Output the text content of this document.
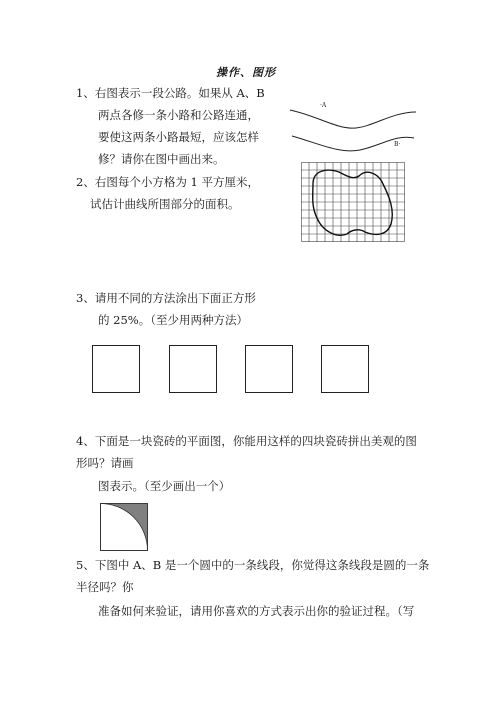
操作、图形
1、右图表示一段公路。如果从 A、B
两点各修一条小路和公路连通，
要使这两条小路最短，应该怎样
修？请你在图中画出来。
·A
B·
2、右图每个小方格为 1 平方厘米，
试估计曲线所围部分的面积。
3、请用不同的方法涂出下面正方形
的 25%。（至少用两种方法）
4、下面是一块瓷砖的平面图，你能用这样的四块瓷砖拼出美观的图
形吗？请画
图表示。（至少画出一个）
5、下图中 A、B 是一个圆中的一条线段，你觉得这条线段是圆的一条
半径吗？你
准备如何来验证，请用你喜欢的方式表示出你的验证过程。（写
